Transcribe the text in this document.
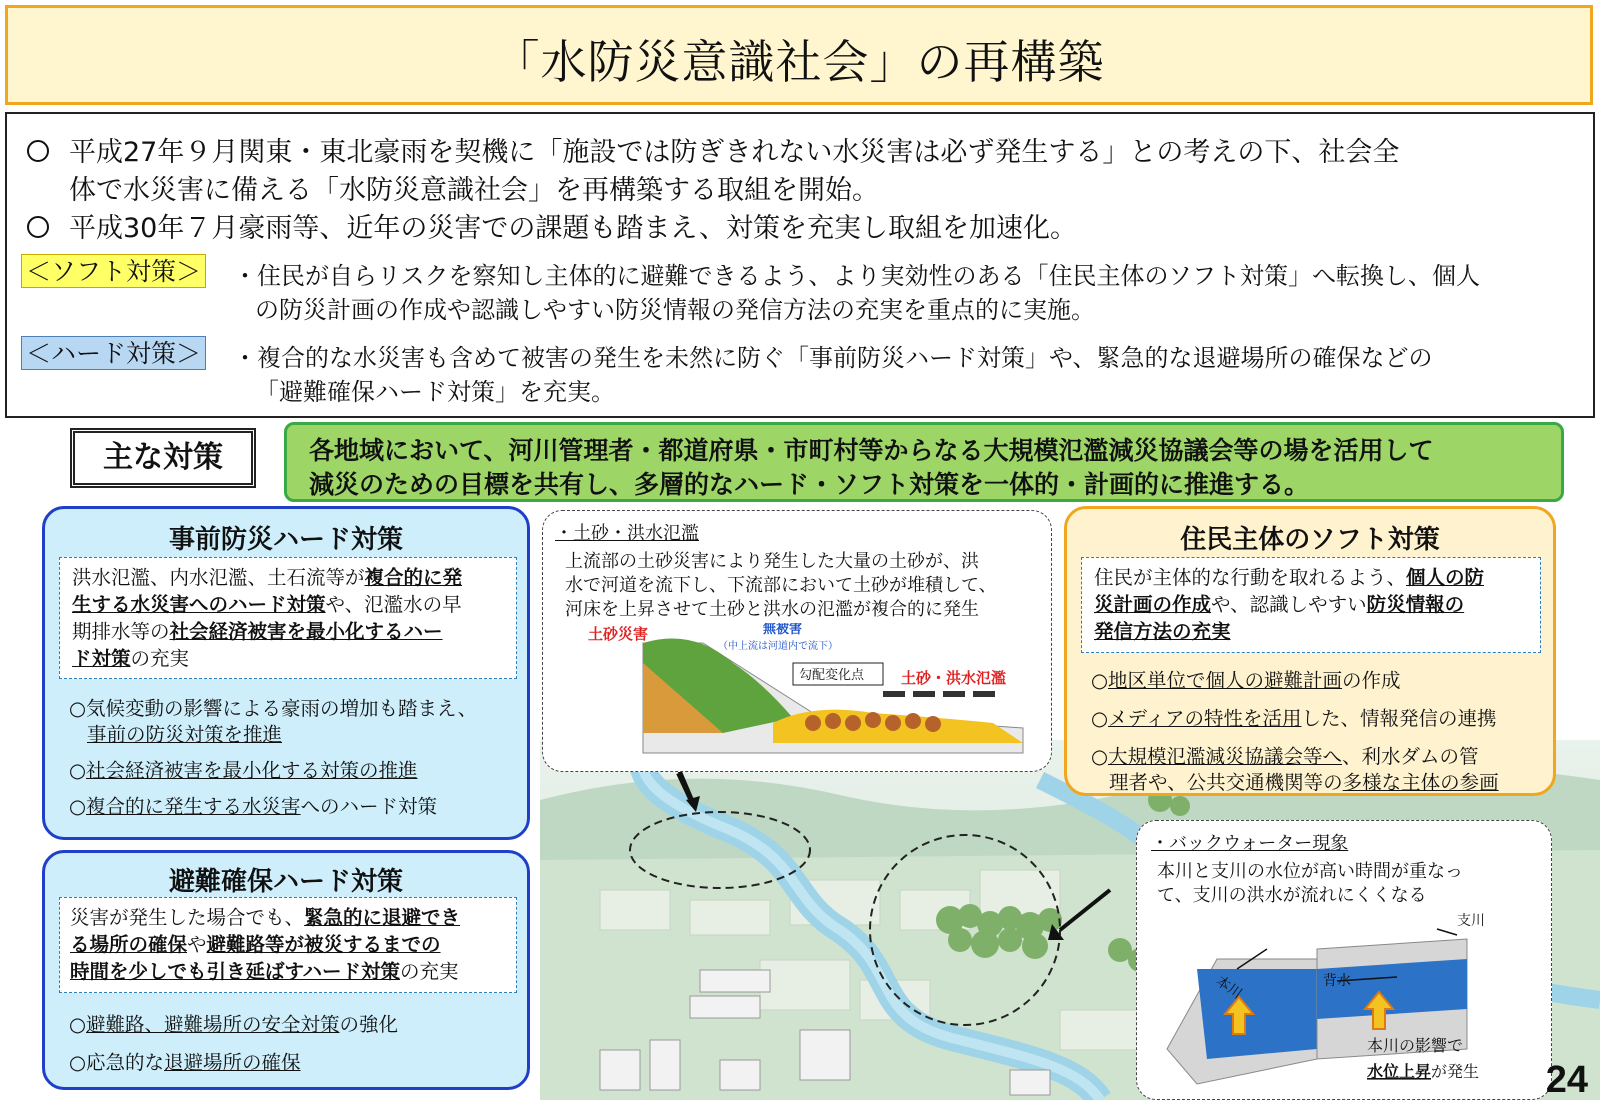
「水防災意識社会」の再構築
平成27年９月関東・東北豪雨を契機に「施設では防ぎきれない水災害は必ず発生する」との考えの下、社会全
体で水災害に備える「水防災意識社会」を再構築する取組を開始。
平成30年７月豪雨等、近年の災害での課題も踏まえ、対策を充実し取組を加速化。
＜ソフト対策＞ ・住民が自らリスクを察知し主体的に避難できるよう、より実効性のある「住民主体のソフト対策」へ転換し、個人
の防災計画の作成や認識しやすい防災情報の発信方法の充実を重点的に実施。
＜ハード対策＞ ・複合的な水災害も含めて被害の発生を未然に防ぐ「事前防災ハード対策」や、緊急的な退避場所の確保などの
「避難確保ハード対策」を充実。
主な対策	各地域において、河川管理者・都道府県・市町村等からなる大規模氾濫減災協議会等の場を活用して
減災のための目標を共有し、多層的なハード・ソフト対策を一体的・計画的に推進する。
事前防災ハード対策
洪水氾濫、内水氾濫、土石流等が複合的に発
生する水災害へのハード対策や、氾濫水の早
期排水等の社会経済被害を最小化するハー
ド対策の充実
○気候変動の影響による豪雨の増加も踏まえ、
事前の防災対策を推進
○社会経済被害を最小化する対策の推進
○複合的に発生する水災害へのハード対策
避難確保ハード対策
災害が発生した場合でも、緊急的に退避でき
る場所の確保や避難路等が被災するまでの
時間を少しでも引き延ばすハード対策の充実
○避難路、避難場所の安全対策の強化
○応急的な退避場所の確保
・土砂・洪水氾濫
上流部の土砂災害により発生した大量の土砂が、洪
水で河道を流下し、下流部において土砂が堆積して、
河床を上昇させて土砂と洪水の氾濫が複合的に発生
土砂災害	無被害
（中上流は河道内で流下）
勾配変化点 土砂・洪水氾濫
住民主体のソフト対策
住民が主体的な行動を取れるよう、個人の防
災計画の作成や、認識しやすい防災情報の
発信方法の充実
○地区単位で個人の避難計画の作成
○メディアの特性を活用した、情報発信の連携
○大規模氾濫減災協議会等へ、利水ダムの管
理者や、公共交通機関等の多様な主体の参画
・バックウォーター現象
本川と支川の水位が高い時間が重なっ
て、支川の洪水が流れにくくなる
支川
本川	背水
本川の影響で
水位上昇が発生 24
